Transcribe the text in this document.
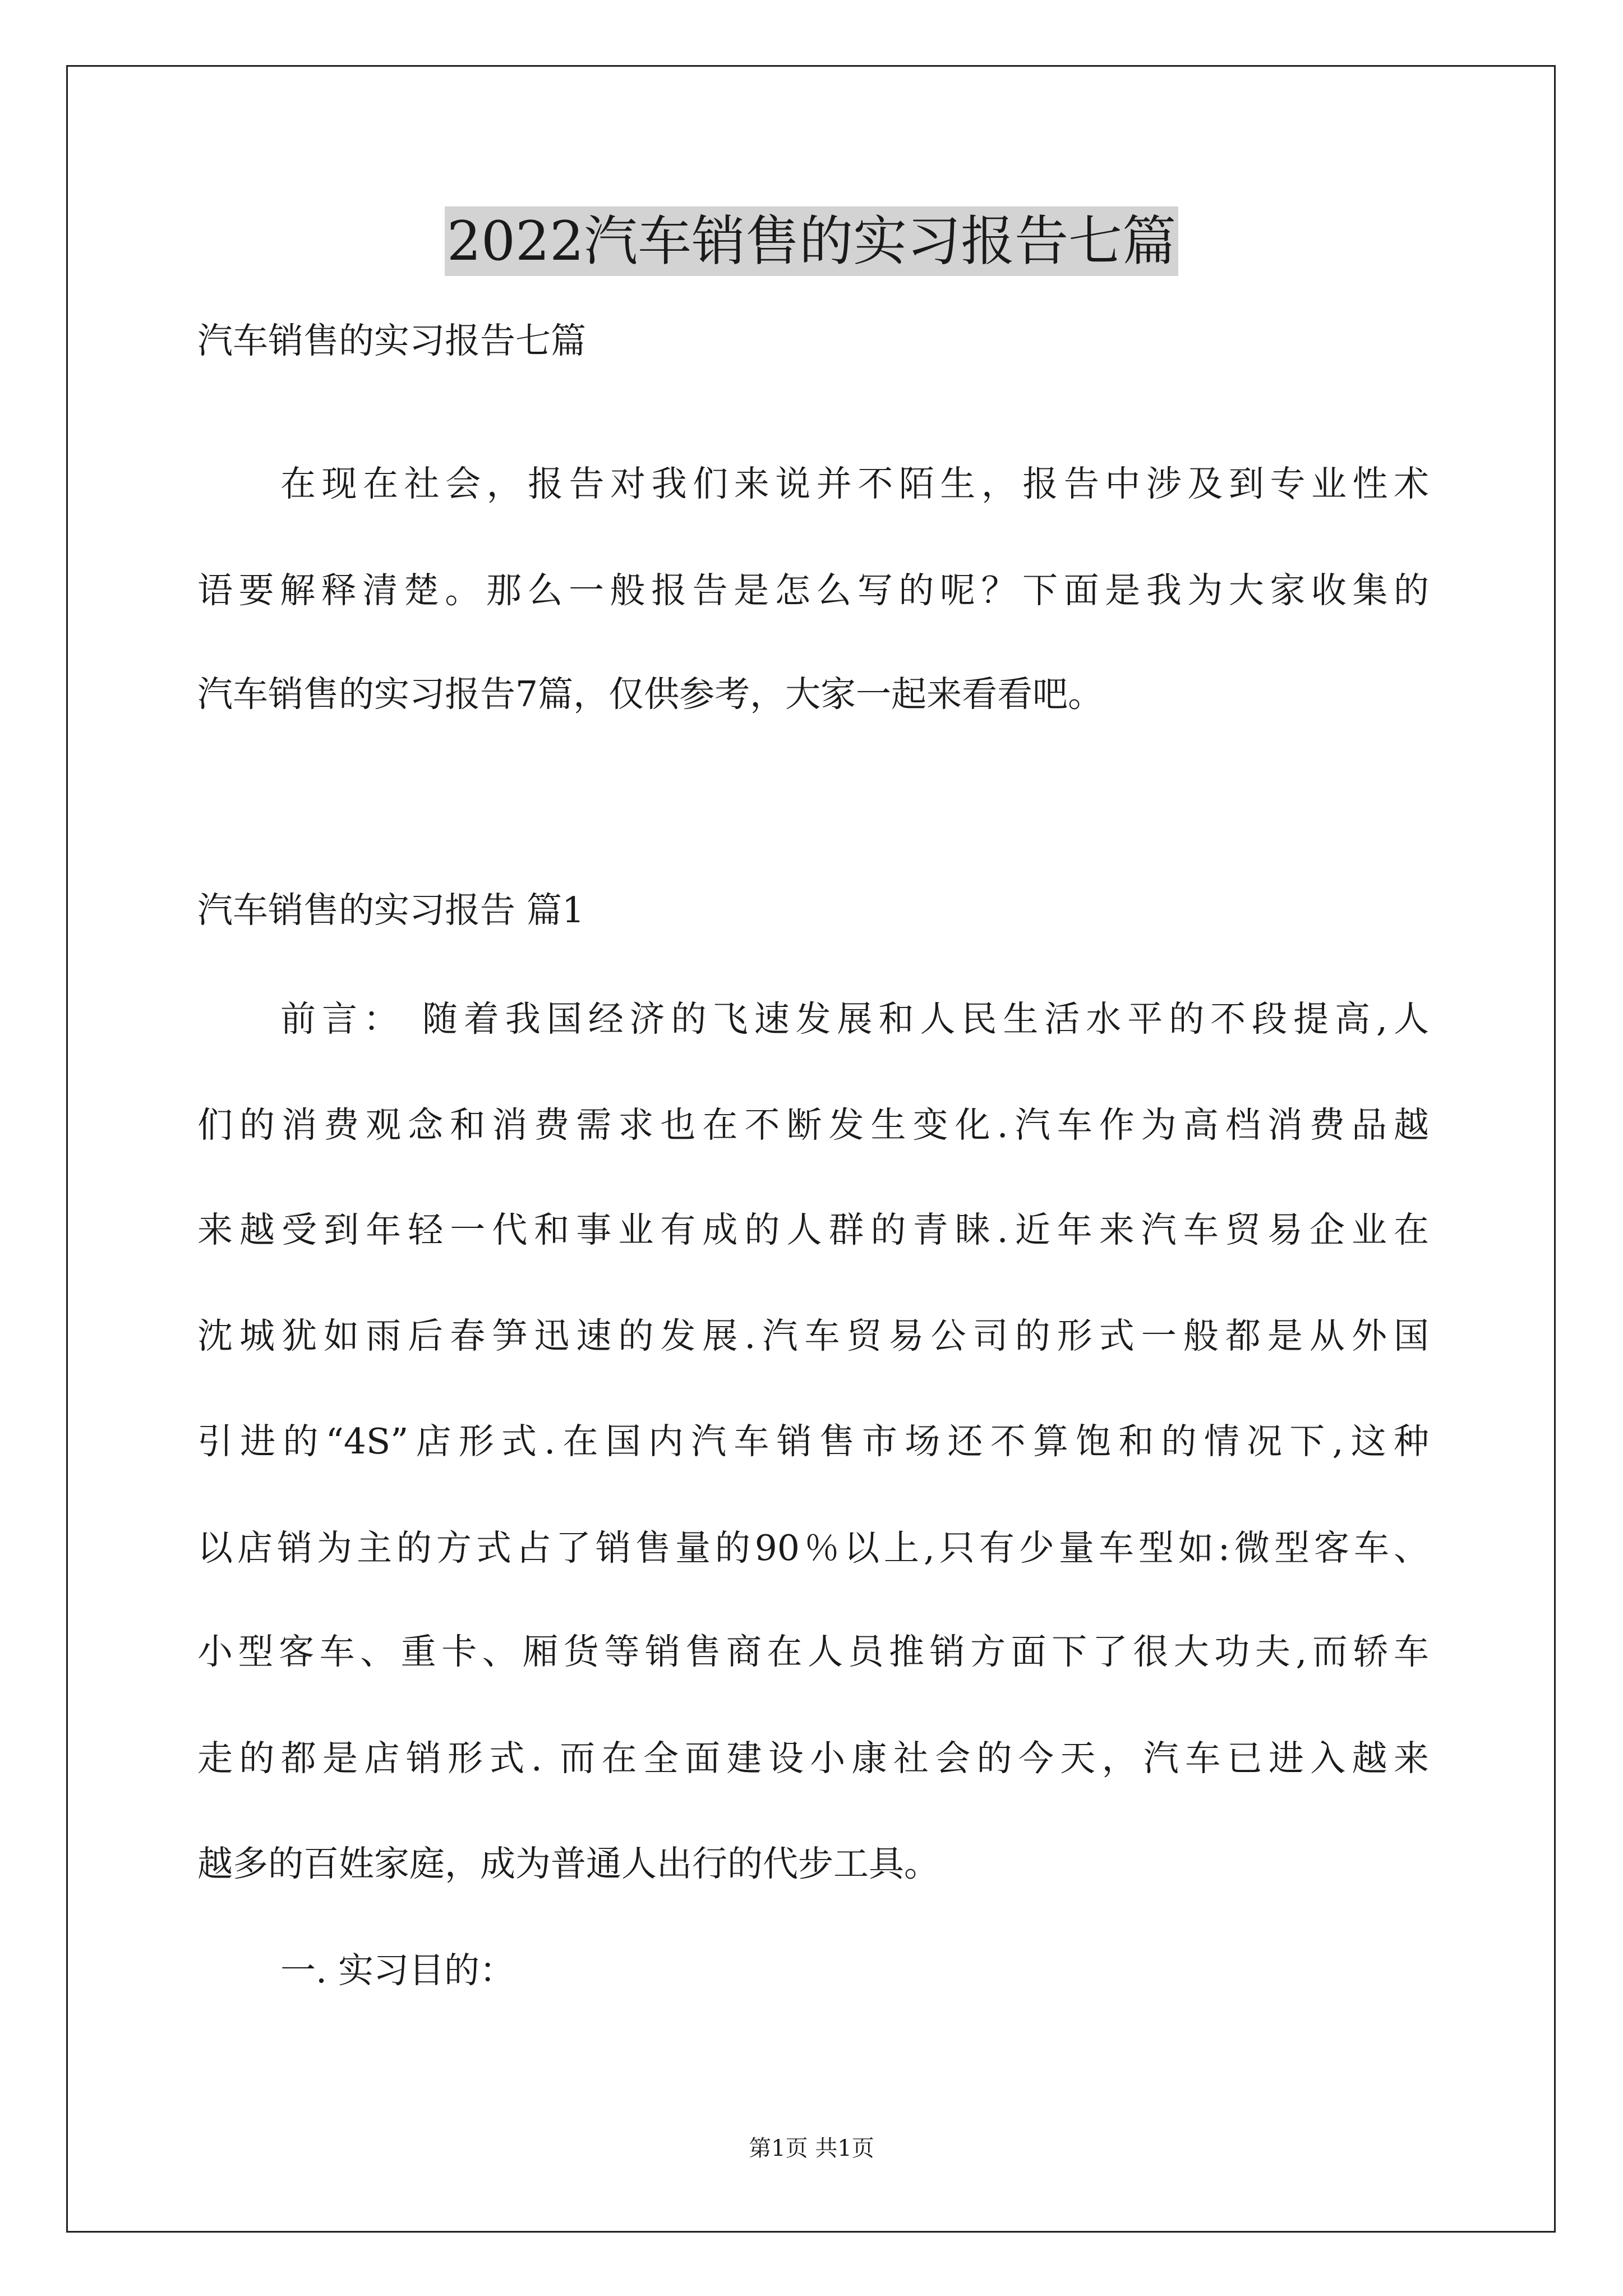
2022汽车销售的实习报告七篇
汽车销售的实习报告七篇
在现在社会，报告对我们来说并不陌生，报告中涉及到专业性术
语要解释清楚。那么一般报告是怎么写的呢？下面是我为大家收集的
汽车销售的实习报告7篇，仅供参考，大家一起来看看吧。
汽车销售的实习报告 篇1
前言： 随着我国经济的飞速发展和人民生活水平的不段提高,人
们的消费观念和消费需求也在不断发生变化.汽车作为高档消费品越
来越受到年轻一代和事业有成的人群的青睐.近年来汽车贸易企业在
沈城犹如雨后春笋迅速的发展.汽车贸易公司的形式一般都是从外国
引进的“4S”店形式.在国内汽车销售市场还不算饱和的情况下,这种
以店销为主的方式占了销售量的90％以上,只有少量车型如:微型客车、
小型客车、重卡、厢货等销售商在人员推销方面下了很大功夫,而轿车
走的都是店销形式. 而在全面建设小康社会的今天，汽车已进入越来
越多的百姓家庭，成为普通人出行的代步工具。
一. 实习目的：
第1页 共1页
